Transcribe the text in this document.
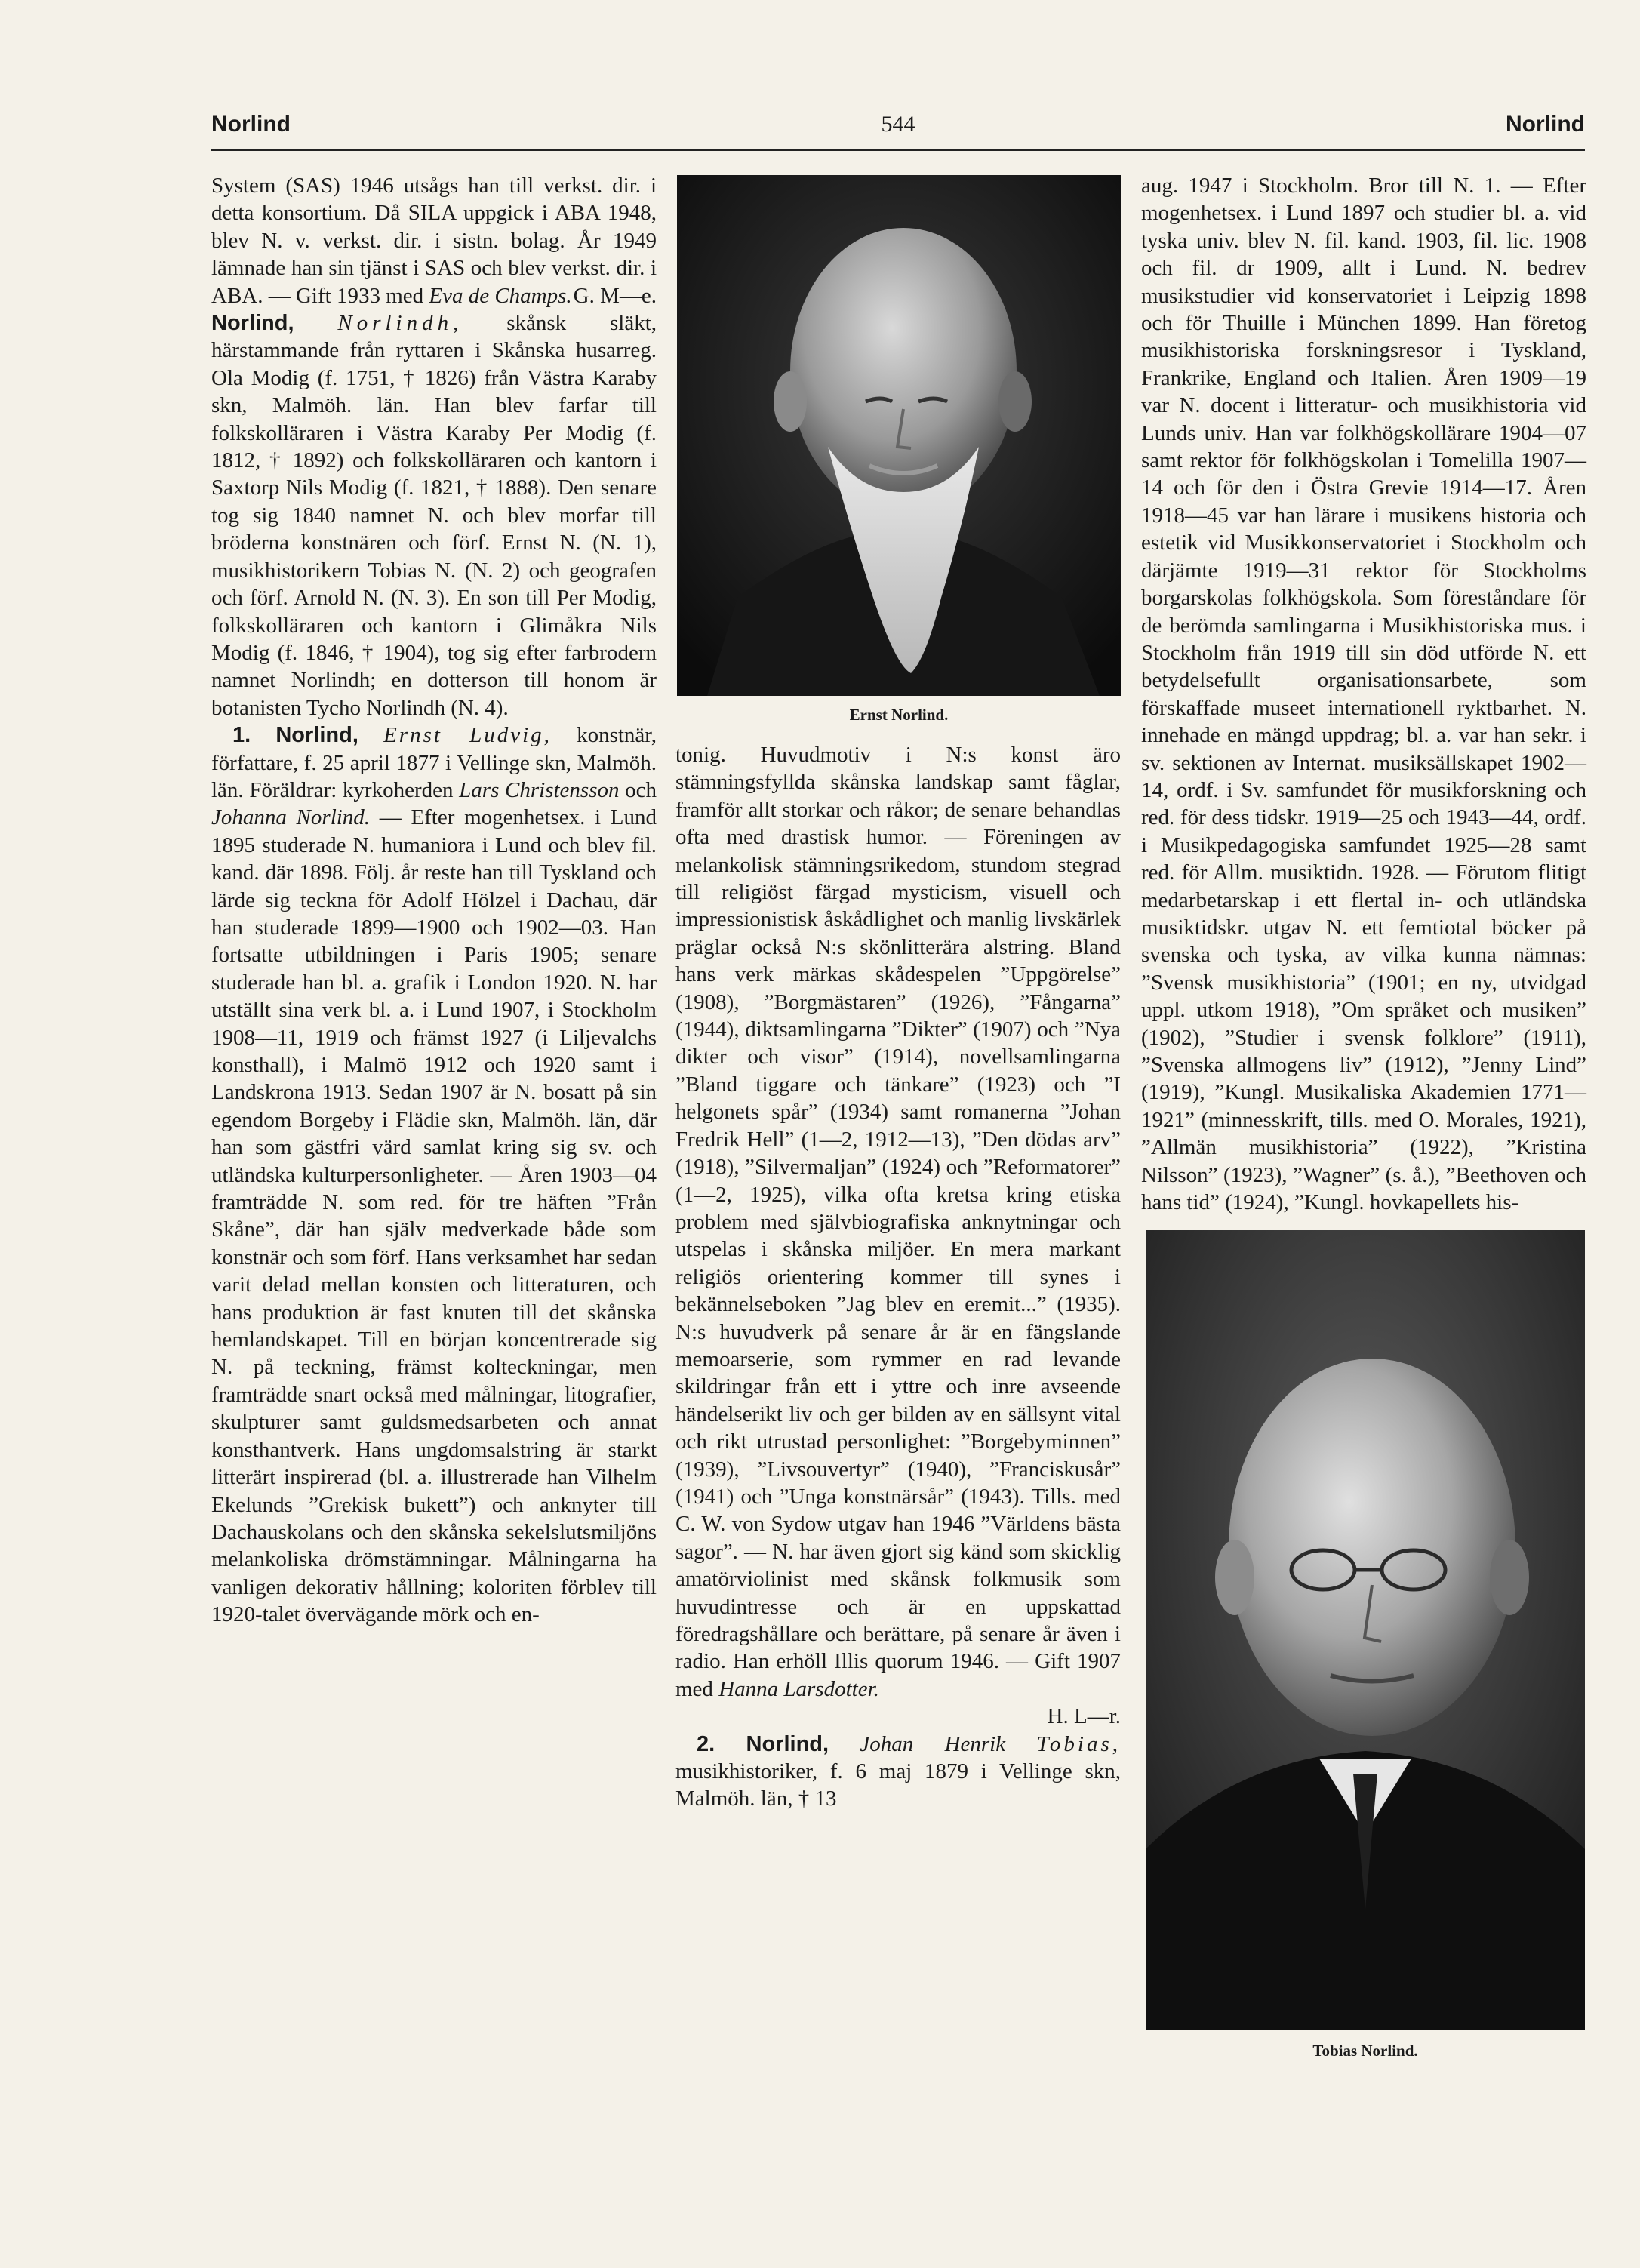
Norlind	544	Norlind

System (SAS) 1946 utsågs han till verkst. dir. i detta konsortium. Då SILA uppgick i ABA 1948, blev N. v. verkst. dir. i sistn. bolag. År 1949 lämnade han sin tjänst i SAS och blev verkst. dir. i ABA. — Gift 1933 med Eva de Champs. G. M—e.

Norlind, Norlindh, skånsk släkt, härstammande från ryttaren i Skånska husarreg. Ola Modig (f. 1751, † 1826) från Västra Karaby skn, Malmöh. län. Han blev farfar till folkskolläraren i Västra Karaby Per Modig (f. 1812, † 1892) och folkskolläraren och kantorn i Saxtorp Nils Modig (f. 1821, † 1888). Den senare tog sig 1840 namnet N. och blev morfar till bröderna konstnären och förf. Ernst N. (N. 1), musikhistorikern Tobias N. (N. 2) och geografen och förf. Arnold N. (N. 3). En son till Per Modig, folkskolläraren och kantorn i Glimåkra Nils Modig (f. 1846, † 1904), tog sig efter farbrodern namnet Norlindh; en dotterson till honom är botanisten Tycho Norlindh (N. 4).

1. Norlind, Ernst Ludvig, konstnär, författare, f. 25 april 1877 i Vellinge skn, Malmöh. län. Föräldrar: kyrkoherden Lars Christensson och Johanna Norlind. — Efter mogenhetsex. i Lund 1895 studerade N. humaniora i Lund och blev fil. kand. där 1898. Följ. år reste han till Tyskland och lärde sig teckna för Adolf Hölzel i Dachau, där han studerade 1899—1900 och 1902—03. Han fortsatte utbildningen i Paris 1905; senare studerade han bl. a. grafik i London 1920. N. har utställt sina verk bl. a. i Lund 1907, i Stockholm 1908—11, 1919 och främst 1927 (i Liljevalchs konsthall), i Malmö 1912 och 1920 samt i Landskrona 1913. Sedan 1907 är N. bosatt på sin egendom Borgeby i Flädie skn, Malmöh. län, där han som gästfri värd samlat kring sig sv. och utländska kulturpersonligheter. — Åren 1903—04 framträdde N. som red. för tre häften ”Från Skåne”, där han själv medverkade både som konstnär och som förf. Hans verksamhet har sedan varit delad mellan konsten och litteraturen, och hans produktion är fast knuten till det skånska hemlandskapet. Till en början koncentrerade sig N. på teckning, främst kolteckningar, men framträdde snart också med målningar, litografier, skulpturer samt guldsmedsarbeten och annat konsthantverk. Hans ungdomsalstring är starkt litterärt inspirerad (bl. a. illustrerade han Vilhelm Ekelunds ”Grekisk bukett”) och anknyter till Dachauskolans och den skånska sekelslutsmiljöns melankoliska drömstämningar. Målningarna ha vanligen dekorativ hållning; koloriten förblev till 1920-talet övervägande mörk och en-

Ernst Norlind.

tonig. Huvudmotiv i N:s konst äro stämningsfyllda skånska landskap samt fåglar, framför allt storkar och råkor; de senare behandlas ofta med drastisk humor. — Föreningen av melankolisk stämningsrikedom, stundom stegrad till religiöst färgad mysticism, visuell och impressionistisk åskådlighet och manlig livskärlek präglar också N:s skönlitterära alstring. Bland hans verk märkas skådespelen ”Uppgörelse” (1908), ”Borgmästaren” (1926), ”Fångarna” (1944), diktsamlingarna ”Dikter” (1907) och ”Nya dikter och visor” (1914), novellsamlingarna ”Bland tiggare och tänkare” (1923) och ”I helgonets spår” (1934) samt romanerna ”Johan Fredrik Hell” (1—2, 1912—13), ”Den dödas arv” (1918), ”Silvermaljan” (1924) och ”Reformatorer” (1—2, 1925), vilka ofta kretsa kring etiska problem med självbiografiska anknytningar och utspelas i skånska miljöer. En mera markant religiös orientering kommer till synes i bekännelseboken ”Jag blev en eremit...” (1935). N:s huvudverk på senare år är en fängslande memoarserie, som rymmer en rad levande skildringar från ett i yttre och inre avseende händelserikt liv och ger bilden av en sällsynt vital och rikt utrustad personlighet: ”Borgebyminnen” (1939), ”Livsouvertyr” (1940), ”Franciskusår” (1941) och ”Unga konstnärsår” (1943). Tills. med C. W. von Sydow utgav han 1946 ”Världens bästa sagor”. — N. har även gjort sig känd som skicklig amatörviolinist med skånsk folkmusik som huvudintresse och är en uppskattad föredragshållare och berättare, på senare år även i radio. Han erhöll Illis quorum 1946. — Gift 1907 med Hanna Larsdotter.
H. L—r.

2. Norlind, Johan Henrik Tobias, musikhistoriker, f. 6 maj 1879 i Vellinge skn, Malmöh. län, † 13

aug. 1947 i Stockholm. Bror till N. 1. — Efter mogenhetsex. i Lund 1897 och studier bl. a. vid tyska univ. blev N. fil. kand. 1903, fil. lic. 1908 och fil. dr 1909, allt i Lund. N. bedrev musikstudier vid konservatoriet i Leipzig 1898 och för Thuille i München 1899. Han företog musikhistoriska forskningsresor i Tyskland, Frankrike, England och Italien. Åren 1909—19 var N. docent i litteratur- och musikhistoria vid Lunds univ. Han var folkhögskollärare 1904—07 samt rektor för folkhögskolan i Tomelilla 1907—14 och för den i Östra Grevie 1914—17. Åren 1918—45 var han lärare i musikens historia och estetik vid Musikkonservatoriet i Stockholm och därjämte 1919—31 rektor för Stockholms borgarskolas folkhögskola. Som föreståndare för de berömda samlingarna i Musikhistoriska mus. i Stockholm från 1919 till sin död utförde N. ett betydelsefullt organisationsarbete, som förskaffade museet internationell ryktbarhet. N. innehade en mängd uppdrag; bl. a. var han sekr. i sv. sektionen av Internat. musiksällskapet 1902—14, ordf. i Sv. samfundet för musikforskning och red. för dess tidskr. 1919—25 och 1943—44, ordf. i Musikpedagogiska samfundet 1925—28 samt red. för Allm. musiktidn. 1928. — Förutom flitigt medarbetarskap i ett flertal in- och utländska musiktidskr. utgav N. ett femtiotal böcker på svenska och tyska, av vilka kunna nämnas: ”Svensk musikhistoria” (1901; en ny, utvidgad uppl. utkom 1918), ”Om språket och musiken” (1902), ”Studier i svensk folklore” (1911), ”Svenska allmogens liv” (1912), ”Jenny Lind” (1919), ”Kungl. Musikaliska Akademien 1771—1921” (minnesskrift, tills. med O. Morales, 1921), ”Allmän musikhistoria” (1922), ”Kristina Nilsson” (1923), ”Wagner” (s. å.), ”Beethoven och hans tid” (1924), ”Kungl. hovkapellets his-

Tobias Norlind.
